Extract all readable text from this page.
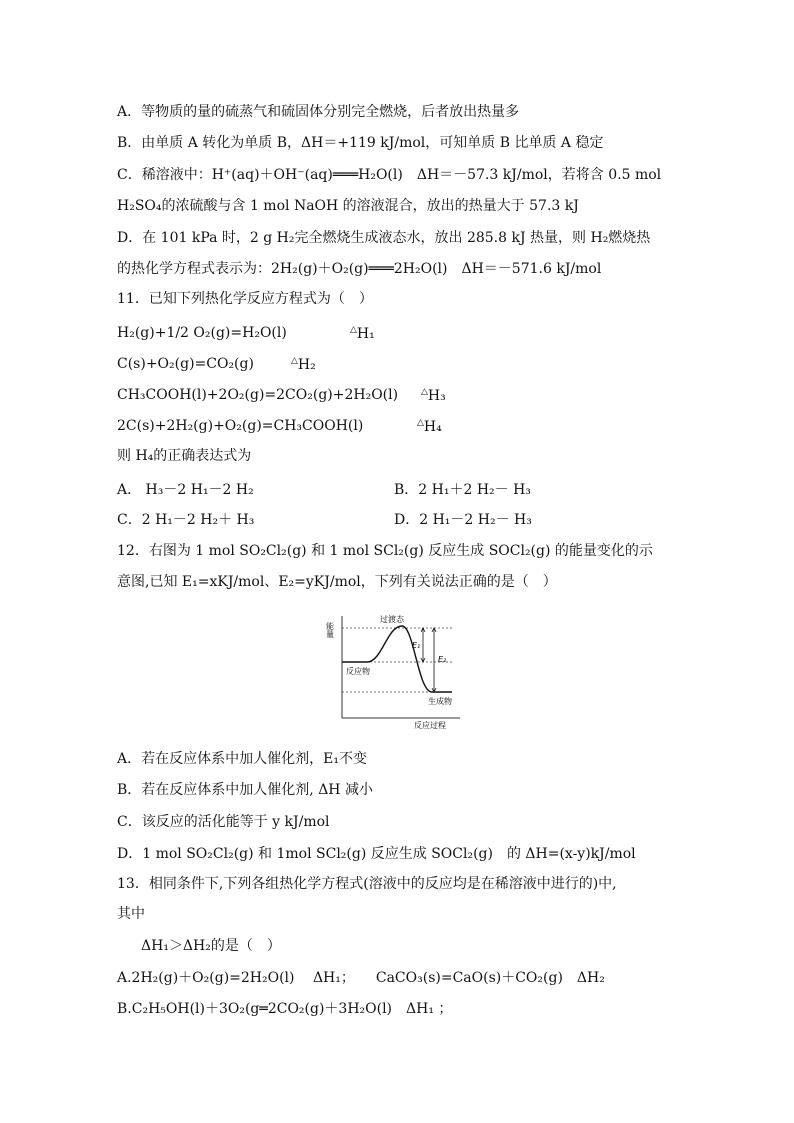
A．等物质的量的硫蒸气和硫固体分别完全燃烧，后者放出热量多
B．由单质 A 转化为单质 B，ΔH＝+119 kJ/mol，可知单质 B 比单质 A 稳定
C．稀溶液中：H⁺(aq)＋OH⁻(aq)═══H₂O(l)　ΔH＝－57.3 kJ/mol，若将含 0.5 mol
H₂SO₄的浓硫酸与含 1 mol NaOH 的溶液混合，放出的热量大于 57.3 kJ
D．在 101 kPa 时，2 g H₂完全燃烧生成液态水，放出 285.8 kJ 热量，则 H₂燃烧热
的热化学方程式表示为：2H₂(g)＋O₂(g)═══2H₂O(l)　ΔH＝－571.6 kJ/mol
11．已知下列热化学反应方程式为（　）
H₂(g)+1/2 O₂(g)=H₂O(l)	△H₁
C(s)+O₂(g)=CO₂(g)	△H₂
CH₃COOH(l)+2O₂(g)=2CO₂(g)+2H₂O(l)	△H₃
2C(s)+2H₂(g)+O₂(g)=CH₃COOH(l)	△H₄
则 H₄的正确表达式为
A． H₃－2 H₁－2 H₂	B．2 H₁＋2 H₂－ H₃
C．2 H₁－2 H₂＋ H₃	D．2 H₁－2 H₂－ H₃
12．右图为 1 mol SO₂Cl₂(g) 和 1 mol SCl₂(g) 反应生成 SOCl₂(g) 的能量变化的示
意图,已知 E₁=xKJ/mol、E₂=yKJ/mol，下列有关说法正确的是（　）
能量
反应过程
过渡态
反应物
生成物
E₁
E₂
A．若在反应体系中加人催化剂，E₁不变
B．若在反应体系中加人催化剂, ΔH 减小
C．该反应的活化能等于 y kJ/mol
D．1 mol SO₂Cl₂(g) 和 1mol SCl₂(g) 反应生成 SOCl₂(g)　的 ΔH=(x-y)kJ/mol
13．相同条件下,下列各组热化学方程式(溶液中的反应均是在稀溶液中进行的)中,
其中
ΔH₁＞ΔH₂的是（　）
A.2H₂(g)＋O₂(g)=2H₂O(l)　 ΔH₁；　　CaCO₃(s)=CaO(s)＋CO₂(g)　ΔH₂
B.C₂H₅OH(l)＋3O₂(g═2CO₂(g)＋3H₂O(l)　ΔH₁ ；
